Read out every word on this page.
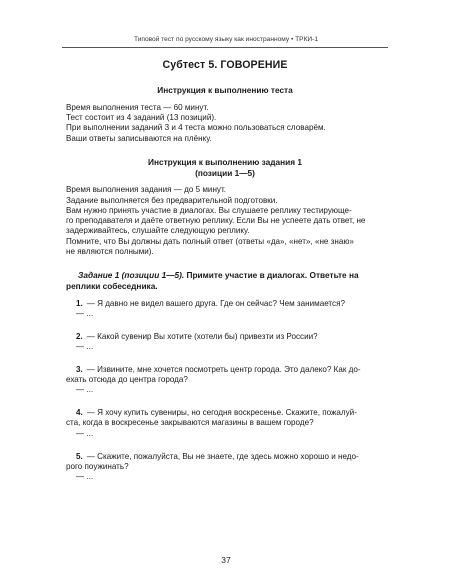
Типовой тест по русскому языку как иностранному • ТРКИ-1
Субтест 5. ГОВОРЕНИЕ
Инструкция к выполнению теста

Время выполнения теста — 60 минут.

Тест состоит из 4 заданий (13 позиций).

При выполнении заданий 3 и 4 теста можно пользоваться словарём.

Ваши ответы записываются на плёнку.

Инструкция к выполнению задания 1
(позиции 1—5)

Время выполнения задания — до 5 минут.

Задание выполняется без предварительной подготовки.

Вам нужно принять участие в диалогах. Вы слушаете реплику тестирующе-

го преподавателя и даёте ответную реплику. Если Вы не успеете дать ответ, не

задерживайтесь, слушайте следующую реплику.

Помните, что Вы должны дать полный ответ (ответы «да», «нет», «не знаю»

не являются полными).

Задание 1 (позиции 1—5). Примите участие в диалогах. Ответьте на
реплики собеседника.
1. — Я давно не видел вашего друга. Где он сейчас? Чем занимается?
— ...
2. — Какой сувенир Вы хотите (хотели бы) привезти из России?
— ...
3. — Извините, мне хочется посмотреть центр города. Это далеко? Как до-
ехать отсюда до центра города?
— ...
4. — Я хочу купить сувениры, но сегодня воскресенье. Скажите, пожалуй-
ста, когда в воскресенье закрываются магазины в вашем городе?
— ...
5. — Скажите, пожалуйста, Вы не знаете, где здесь можно хорошо и недо-
рого поужинать?
— ...
37
